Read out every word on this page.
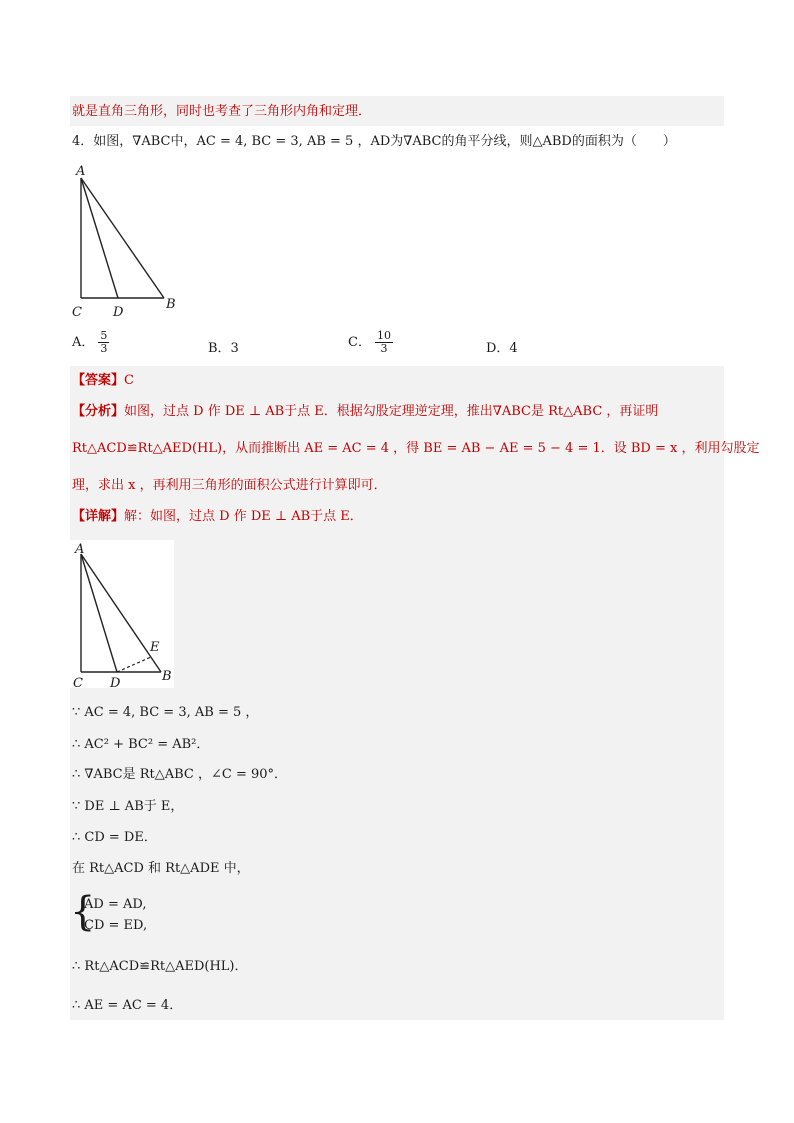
就是直角三角形，同时也考查了三角形内角和定理．
4．如图，∇ABC中，AC = 4, BC = 3, AB = 5 ，AD为∇ABC的角平分线，则△ABD的面积为（　　）
A
C D
B
A． $\frac{5}{3}$	B．3	C． $\frac{10}{3}$	D．4
【答案】C
【分析】如图，过点 D 作 DE ⊥ AB于点 E．根据勾股定理逆定理，推出∇ABC是 Rt△ABC ，再证明
Rt△ACD≌Rt△AED(HL)，从而推断出 AE = AC = 4 ，得 BE = AB − AE = 5 − 4 = 1．设 BD = x ，利用勾股定
理，求出 x ，再利用三角形的面积公式进行计算即可．
【详解】解：如图，过点 D 作 DE ⊥ AB于点 E．
A
E
C D	B
∵ AC = 4, BC = 3, AB = 5 ，
∴ AC² + BC² = AB²．
∴ ∇ABC是 Rt△ABC ，∠C = 90°．
∵ DE ⊥ AB于 E，
∴ CD = DE．
在 Rt△ACD 和 Rt△ADE 中，
{
AD = AD,
CD = ED,
∴ Rt△ACD≌Rt△AED(HL)．
∴ AE = AC = 4．
